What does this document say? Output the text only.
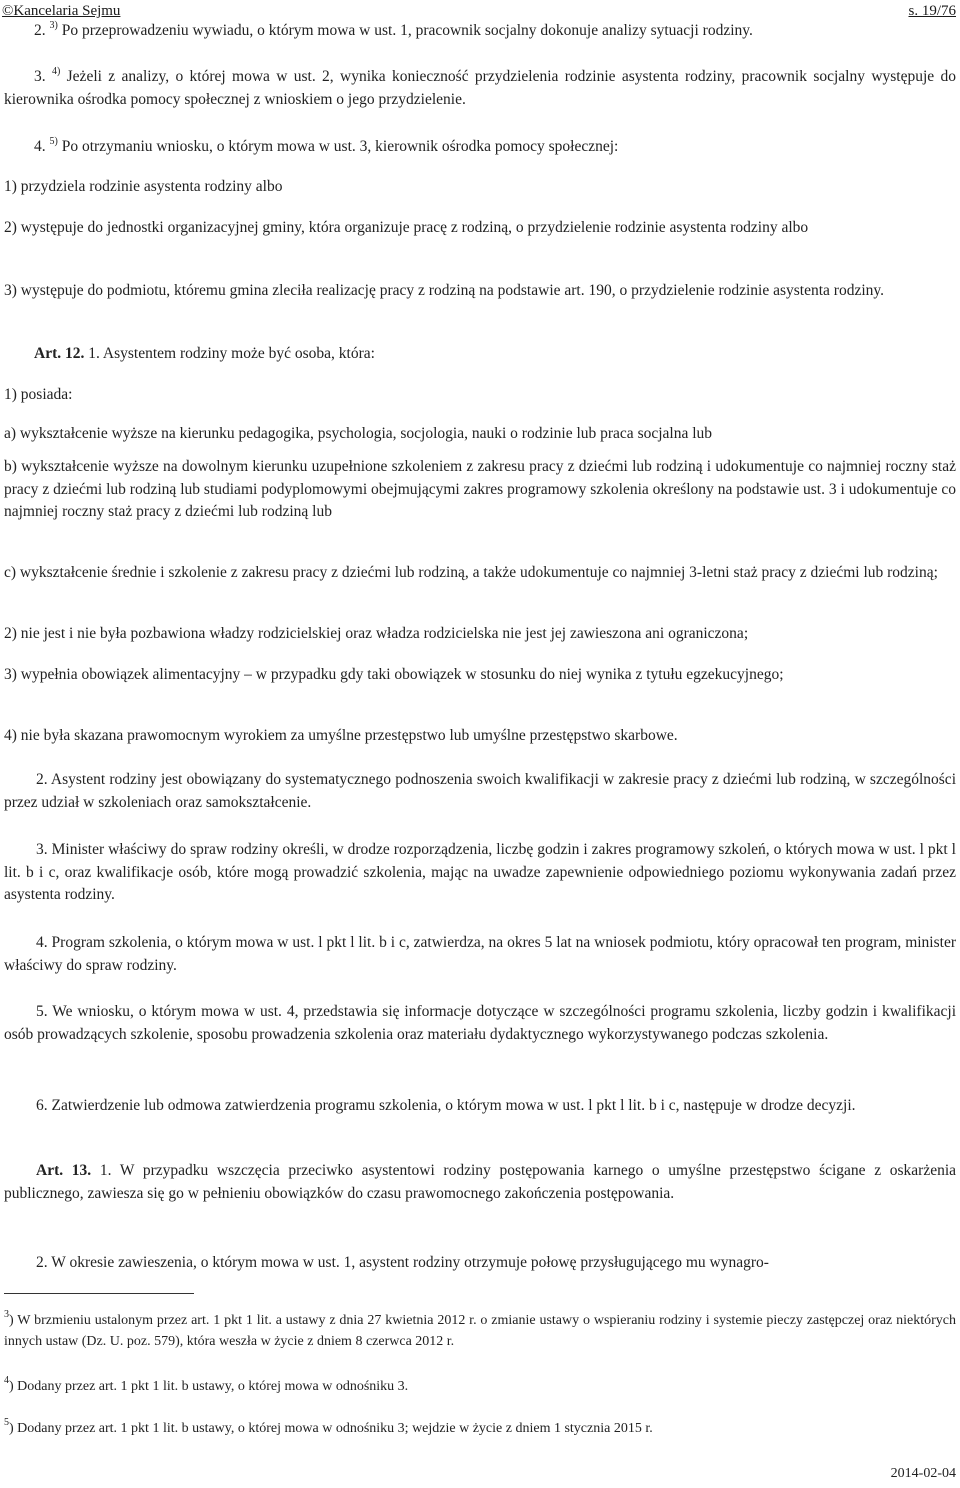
©Kancelaria Sejmu	s. 19/76
2. $^{3)}$ Po przeprowadzeniu wywiadu, o którym mowa w ust. 1, pracownik socjalny dokonuje analizy sytuacji rodziny.
3. $^{4)}$ Jeżeli z analizy, o której mowa w ust. 2, wynika konieczność przydzielenia rodzinie asystenta rodziny, pracownik socjalny występuje do kierownika ośrodka pomocy społecznej z wnioskiem o jego przydzielenie.
4. $^{5)}$ Po otrzymaniu wniosku, o którym mowa w ust. 3, kierownik ośrodka pomocy społecznej:
1) przydziela rodzinie asystenta rodziny albo
2) występuje do jednostki organizacyjnej gminy, która organizuje pracę z rodziną, o przydzielenie rodzinie asystenta rodziny albo
3) występuje do podmiotu, któremu gmina zleciła realizację pracy z rodziną na podstawie art. 190, o przydzielenie rodzinie asystenta rodziny.
Art. 12. 1. Asystentem rodziny może być osoba, która:
1) posiada:
a) wykształcenie wyższe na kierunku pedagogika, psychologia, socjologia, nauki o rodzinie lub praca socjalna lub
b) wykształcenie wyższe na dowolnym kierunku uzupełnione szkoleniem z zakresu pracy z dziećmi lub rodziną i udokumentuje co najmniej roczny staż pracy z dziećmi lub rodziną lub studiami podyplomowymi obejmującymi zakres programowy szkolenia określony na podstawie ust. 3 i udokumentuje co najmniej roczny staż pracy z dziećmi lub rodziną lub
c) wykształcenie średnie i szkolenie z zakresu pracy z dziećmi lub rodziną, a także udokumentuje co najmniej 3-letni staż pracy z dziećmi lub rodziną;
2) nie jest i nie była pozbawiona władzy rodzicielskiej oraz władza rodzicielska nie jest jej zawieszona ani ograniczona;
3) wypełnia obowiązek alimentacyjny – w przypadku gdy taki obowiązek w stosunku do niej wynika z tytułu egzekucyjnego;
4) nie była skazana prawomocnym wyrokiem za umyślne przestępstwo lub umyślne przestępstwo skarbowe.
2. Asystent rodziny jest obowiązany do systematycznego podnoszenia swoich kwalifikacji w zakresie pracy z dziećmi lub rodziną, w szczególności przez udział w szkoleniach oraz samokształcenie.
3. Minister właściwy do spraw rodziny określi, w drodze rozporządzenia, liczbę godzin i zakres programowy szkoleń, o których mowa w ust. l pkt l lit. b i c, oraz kwalifikacje osób, które mogą prowadzić szkolenia, mając na uwadze zapewnienie odpowiedniego poziomu wykonywania zadań przez asystenta rodziny.
4. Program szkolenia, o którym mowa w ust. l pkt l lit. b i c, zatwierdza, na okres 5 lat na wniosek podmiotu, który opracował ten program, minister właściwy do spraw rodziny.
5. We wniosku, o którym mowa w ust. 4, przedstawia się informacje dotyczące w szczególności programu szkolenia, liczby godzin i kwalifikacji osób prowadzących szkolenie, sposobu prowadzenia szkolenia oraz materiału dydaktycznego wykorzystywanego podczas szkolenia.
6. Zatwierdzenie lub odmowa zatwierdzenia programu szkolenia, o którym mowa w ust. l pkt l lit. b i c, następuje w drodze decyzji.
Art. 13. 1. W przypadku wszczęcia przeciwko asystentowi rodziny postępowania karnego o umyślne przestępstwo ścigane z oskarżenia publicznego, zawiesza się go w pełnieniu obowiązków do czasu prawomocnego zakończenia postępowania.
2. W okresie zawieszenia, o którym mowa w ust. 1, asystent rodziny otrzymuje połowę przysługującego mu wynagro-
$^3$) W brzmieniu ustalonym przez art. 1 pkt 1 lit. a ustawy z dnia 27 kwietnia 2012 r. o zmianie ustawy o wspieraniu rodziny i systemie pieczy zastępczej oraz niektórych innych ustaw (Dz. U. poz. 579), która weszła w życie z dniem 8 czerwca 2012 r.
$^4$) Dodany przez art. 1 pkt 1 lit. b ustawy, o której mowa w odnośniku 3.
$^5$) Dodany przez art. 1 pkt 1 lit. b ustawy, o której mowa w odnośniku 3; wejdzie w życie z dniem 1 stycznia 2015 r.
2014-02-04
